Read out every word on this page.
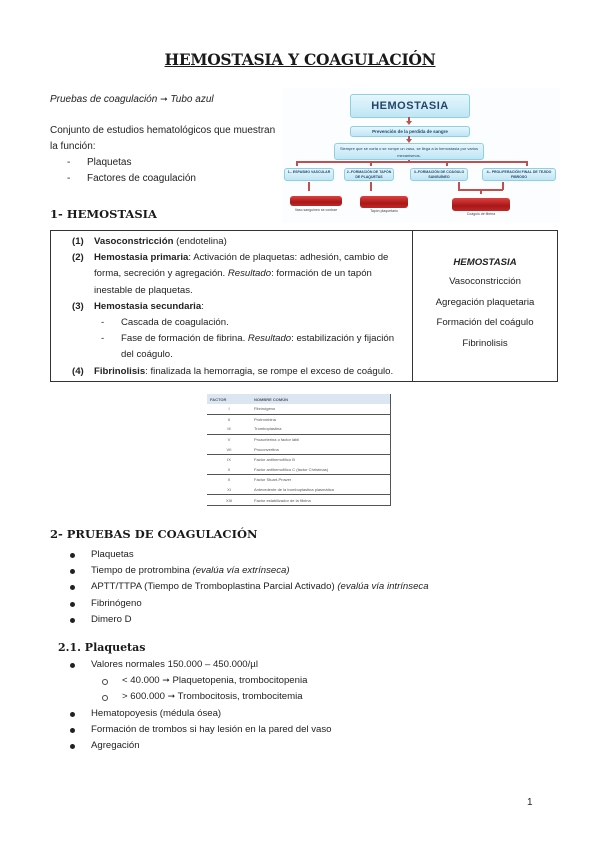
HEMOSTASIA Y COAGULACIÓN
Pruebas de coagulación ➞ Tubo azul
Conjunto de estudios hematológicos que muestran la función:
- Plaquetas
- Factores de coagulación
HEMOSTASIA
Prevención de la perdida de sangre
Siempre que se corta o se rompe un vaso, se llega a la hemostasia por varios mecanismos.
1.- ESPASMO VASCULAR	2.-FORMACIÓN DE TAPÓN DE PLAQUETAS
3.-FORMACIÓN DE COÁGULO SANGUÍNEO
4.- PROLIFERACIÓN FINAL DE TEJIDO FIBROSO
Vaso sanguíneo se contrae	Tapón plaquetario
Coágulo de fibrina
1- HEMOSTASIA
(1) Vasoconstricción (endotelina)
(2) Hemostasia primaria: Activación de plaquetas: adhesión, cambio de forma, secreción y agregación. Resultado: formación de un tapón inestable de plaquetas.
(3) Hemostasia secundaria:
- Cascada de coagulación.
- Fase de formación de fibrina. Resultado: estabilización y fijación del coágulo.
(4) Fibrinolisis: finalizada la hemorragia, se rompe el exceso de coágulo.
HEMOSTASIA
Vasoconstricción
Agregación plaquetaria
Formación del coágulo
Fibrinolisis
FACTOR	NOMBRE COMÚN
I	Fibrinógeno
II	Protrombina
III	Tromboplastina
V	Proacelerina o factor lábil
VII	Proconvertina
IX	Factor antihemofílico B
X	Factor antihemofílico C (factor Christmas)
X	Factor Stuart-Prower
XI	Antecedente de la tromboplastina plasmática
XIII	Factor estabilizador de la fibrina
2- PRUEBAS DE COAGULACIÓN
Plaquetas
Tiempo de protrombina (evalúa vía extrínseca)
APTT/TTPA (Tiempo de Tromboplastina Parcial Activado) (evalúa vía intrínseca
Fibrinógeno
Dimero D
2.1. Plaquetas
Valores normales 150.000 – 450.000/µl
< 40.000 ➞ Plaquetopenia, trombocitopenia
> 600.000 ➞ Trombocitosis, trombocitemia
Hematopoyesis (médula ósea)
Formación de trombos si hay lesión en la pared del vaso
Agregación
1
